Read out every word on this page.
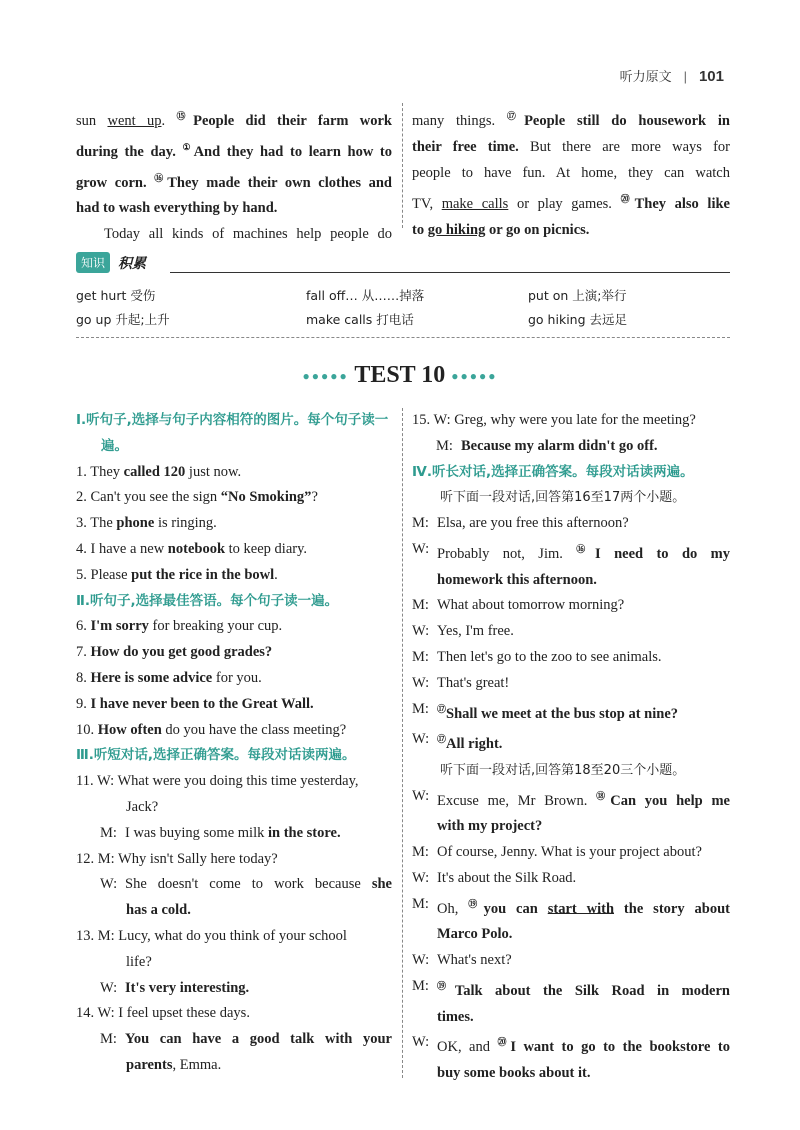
听力原文 | 101
sun went up. ⑮People did their farm work
during the day. ①And they had to learn how to
grow corn. ⑯They made their own clothes and
had to wash everything by hand.
Today all kinds of machines help people do
many things. ⑰People still do housework in
their free time. But there are more ways for
people to have fun. At home, they can watch
TV, make calls or play games. ⑳They also like
to go hiking or go on picnics.
知识 积累
get hurt 受伤	fall off… 从……掉落	put on 上演;举行
go up 升起;上升	make calls 打电话	go hiking 去远足
●●●●● TEST 10 ●●●●●
Ⅰ.听句子,选择与句子内容相符的图片。每个句子读一遍。
1. They called 120 just now.
2. Can't you see the sign “No Smoking”?
3. The phone is ringing.
4. I have a new notebook to keep diary.
5. Please put the rice in the bowl.
Ⅱ.听句子,选择最佳答语。每个句子读一遍。
6. I'm sorry for breaking your cup.
7. How do you get good grades?
8. Here is some advice for you.
9. I have never been to the Great Wall.
10. How often do you have the class meeting?
Ⅲ.听短对话,选择正确答案。每段对话读两遍。
11. W: What were you doing this time yesterday,
Jack?
M: I was buying some milk in the store.
12. M: Why isn't Sally here today?
W: She doesn't come to work because she
has a cold.
13. M: Lucy, what do you think of your school
life?
W: It's very interesting.
14. W: I feel upset these days.
M: You can have a good talk with your
parents, Emma.
15. W: Greg, why were you late for the meeting?
M: Because my alarm didn't go off.
Ⅳ.听长对话,选择正确答案。每段对话读两遍。
听下面一段对话,回答第16至17两个小题。
M: Elsa, are you free this afternoon?
W: Probably not, Jim. ⑯I need to do my
homework this afternoon.
M: What about tomorrow morning?
W: Yes, I'm free.
M: Then let's go to the zoo to see animals.
W: That's great!
M: ⑰Shall we meet at the bus stop at nine?
W: ⑰All right.
听下面一段对话,回答第18至20三个小题。
W: Excuse me, Mr Brown. ⑱Can you help me
with my project?
M: Of course, Jenny. What is your project about?
W: It's about the Silk Road.
M: Oh, ⑲you can start with the story about
Marco Polo.
W: What's next?
M: ⑲Talk about the Silk Road in modern
times.
W: OK, and ⑳I want to go to the bookstore to
buy some books about it.
